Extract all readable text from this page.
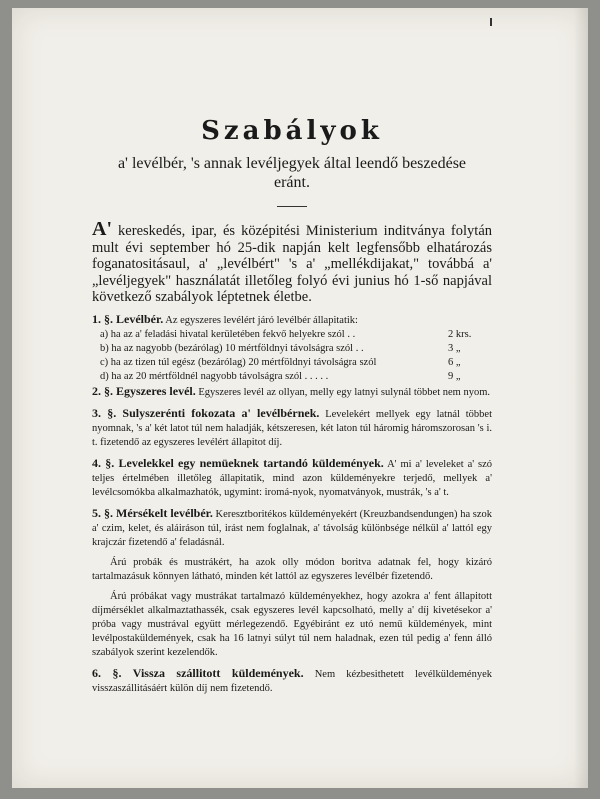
Szabályok
a' levélbér, 's annak levéljegyek által leendő beszedése eránt.

A' kereskedés, ipar, és középitési Ministerium inditványa folytán mult évi september hó 25-dik napján kelt legfensőbb elhatározás foganatositásaul, a' „levélbért" 's a' „mellékdijakat," továbbá a' „levéljegyek" használatát illetőleg folyó évi junius hó 1-ső napjával következő szabályok léptetnek életbe.

1. §. Levélbér. Az egyszeres levélért járó levélbér állapitatik:

a) ha az a' feladási hivatal kerületében fekvő helyekre szól . .	2 krs.
b) ha az nagyobb (bezárólag) 10 mértföldnyi távolságra szól . .	3 „
c) ha az tizen túl egész (bezárólag) 20 mértföldnyi távolságra szól	6 „
d) ha az 20 mértföldnél nagyobb távolságra szól . . . . .	9 „

2. §. Egyszeres levél. Egyszeres levél az ollyan, melly egy latnyi sulynál többet nem nyom.

3. §. Sulyszerénti fokozata a' levélbérnek. Levelekért mellyek egy latnál többet nyomnak, 's a' két latot túl nem haladják, kétszeresen, két laton túl háromig háromszorosan 's i. t. fizetendő az egyszeres levélért állapitot díj.

4. §. Levelekkel egy nemüeknek tartandó küldemények. A' mi a' leveleket a' szó teljes értelmében illetőleg állapitatik, mind azon küldeményekre terjedő, mellyek a' levélcsomókba alkalmazhatók, ugymint: iromá-nyok, nyomatványok, mustrák, 's a' t.

5. §. Mérsékelt levélbér. Keresztboritékos küldeményekért (Kreuzbandsendungen) ha szok a' czim, kelet, és aláiráson túl, irást nem foglalnak, a' távolság különbsége nélkül a' lattól egy krajczár fizetendő a' feladásnál.

Árú probák és mustrákért, ha azok olly módon boritva adatnak fel, hogy kizáró tartalmazásuk könnyen látható, minden két lattól az egyszeres levélbér fizetendő.

Árú próbákat vagy mustrákat tartalmazó küldeményekhez, hogy azokra a' fent állapitott díjmérséklet alkalmaztathassék, csak egyszeres levél kapcsolható, melly a' díj kivetésekor a' próba vagy mustrával együtt mérlegezendő. Egyébiránt ez utó nemű küldemények, mint levélpostaküldemények, csak ha 16 latnyi súlyt túl nem haladnak, ezen túl pedig a' fenn álló szabályok szerint kezelendők.

6. §. Vissza szállitott küldemények. Nem kézbesithetett levélküldemények visszaszállitásáért külön díj nem fizetendő.
